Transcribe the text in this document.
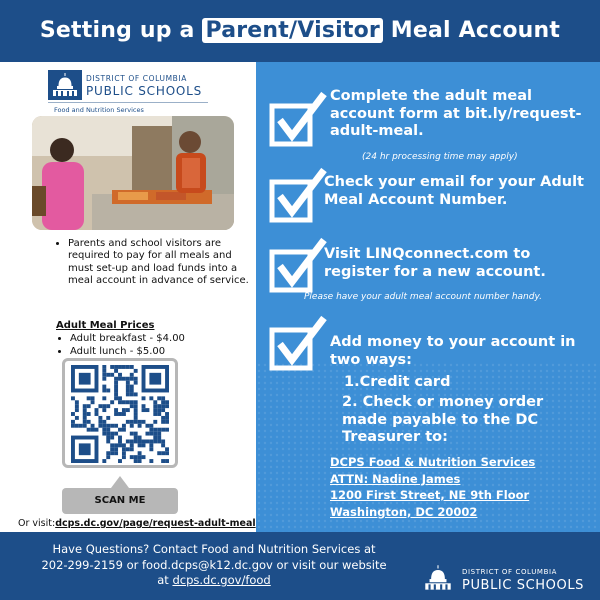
Setting up a Parent/Visitor Meal Account
DISTRICT OF COLUMBIA
PUBLIC SCHOOLS
Food and Nutrition Services
• Parents and school visitors are required to pay for all meals and must set-up and load funds into a meal account in advance of service.
Adult Meal Prices
• Adult breakfast - $4.00
• Adult lunch - $5.00
SCAN ME
Or visit:dcps.dc.gov/page/request-adult-meal
Complete the adult meal account form at bit.ly/request-adult-meal.
(24 hr processing time may apply)
Check your email for your Adult Meal Account Number.
Visit LINQconnect.com to register for a new account.
Please have your adult meal account number handy.
Add money to your account in two ways:
1.Credit card
2. Check or money order made payable to the DC Treasurer to:
DCPS Food & Nutrition Services
ATTN: Nadine James
1200 First Street, NE 9th Floor
Washington, DC 20002
Have Questions? Contact Food and Nutrition Services at
202-299-2159 or food.dcps@k12.dc.gov or visit our website
at dcps.dc.gov/food
DISTRICT OF COLUMBIA
PUBLIC SCHOOLS
